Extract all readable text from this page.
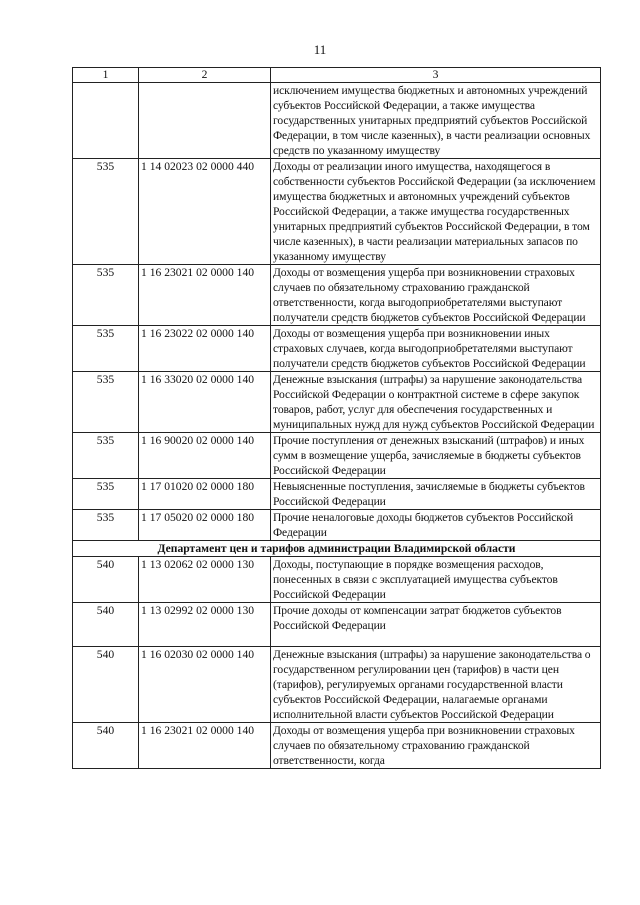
11
1	2	3
		исключением имущества бюджетных и автономных учреждений субъектов Российской Федерации, а также имущества государственных унитарных предприятий субъектов Российской Федерации, в том числе казенных), в части реализации основных средств по указанному имуществу
535	1 14 02023 02 0000 440	Доходы от реализации иного имущества, находящегося в собственности субъектов Российской Федерации (за исключением имущества бюджетных и автономных учреждений субъектов Российской Федерации, а также имущества государственных унитарных предприятий субъектов Российской Федерации, в том числе казенных), в части реализации материальных запасов по указанному имуществу
535	1 16 23021 02 0000 140	Доходы от возмещения ущерба при возникновении страховых случаев по обязательному страхованию гражданской ответственности, когда выгодоприобретателями выступают получатели средств бюджетов субъектов Российской Федерации
535	1 16 23022 02 0000 140	Доходы от возмещения ущерба при возникновении иных страховых случаев, когда выгодоприобретателями выступают получатели средств бюджетов субъектов Российской Федерации
535	1 16 33020 02 0000 140	Денежные взыскания (штрафы) за нарушение законодательства Российской Федерации о контрактной системе в сфере закупок товаров, работ, услуг для обеспечения государственных и муниципальных нужд для нужд субъектов Российской Федерации
535	1 16 90020 02 0000 140	Прочие поступления от денежных взысканий (штрафов) и иных сумм в возмещение ущерба, зачисляемые в бюджеты субъектов Российской Федерации
535	1 17 01020 02 0000 180	Невыясненные поступления, зачисляемые в бюджеты субъектов Российской Федерации
535	1 17 05020 02 0000 180	Прочие неналоговые доходы бюджетов субъектов Российской Федерации
Департамент цен и тарифов администрации Владимирской области		
540	1 13 02062 02 0000 130	Доходы, поступающие в порядке возмещения расходов, понесенных в связи с эксплуатацией имущества субъектов Российской Федерации
540	1 13 02992 02 0000 130	Прочие доходы от компенсации затрат бюджетов субъектов Российской Федерации
540	1 16 02030 02 0000 140	Денежные взыскания (штрафы) за нарушение законодательства о государственном регулировании цен (тарифов) в части цен (тарифов), регулируемых органами государственной власти субъектов Российской Федерации, налагаемые органами исполнительной власти субъектов Российской Федерации
540	1 16 23021 02 0000 140	Доходы от возмещения ущерба при возникновении страховых случаев по обязательному страхованию гражданской ответственности, когда
